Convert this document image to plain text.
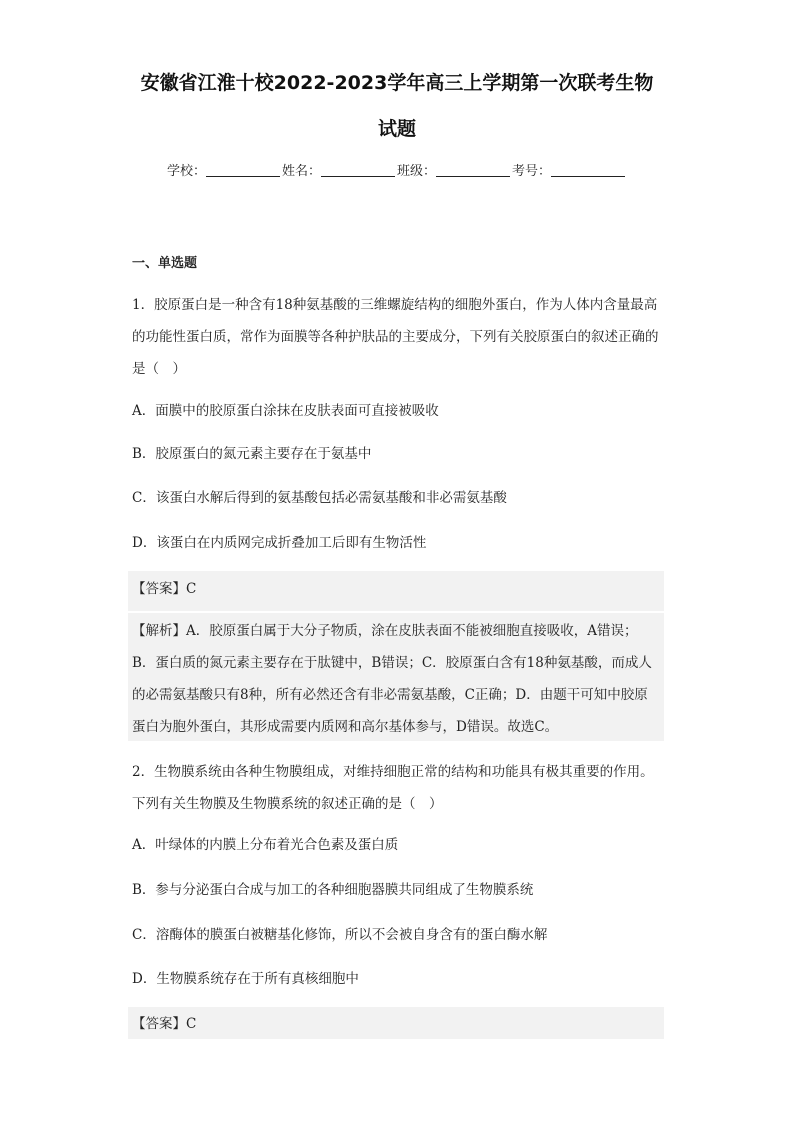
安徽省江淮十校2022-2023学年高三上学期第一次联考生物
试题
学校：	姓名：	班级：	考号：
一、单选题

1．胶原蛋白是一种含有18种氨基酸的三维螺旋结构的细胞外蛋白，作为人体内含量最高的功能性蛋白质，常作为面膜等各种护肤品的主要成分，下列有关胶原蛋白的叙述正确的是（　）

A．面膜中的胶原蛋白涂抹在皮肤表面可直接被吸收

B．胶原蛋白的氮元素主要存在于氨基中

C．该蛋白水解后得到的氨基酸包括必需氨基酸和非必需氨基酸

D．该蛋白在内质网完成折叠加工后即有生物活性

【答案】C

【解析】A．胶原蛋白属于大分子物质，涂在皮肤表面不能被细胞直接吸收，A错误；B．蛋白质的氮元素主要存在于肽键中，B错误；C．胶原蛋白含有18种氨基酸，而成人的必需氨基酸只有8种，所有必然还含有非必需氨基酸，C正确；D．由题干可知中胶原蛋白为胞外蛋白，其形成需要内质网和高尔基体参与，D错误。故选C。

2．生物膜系统由各种生物膜组成，对维持细胞正常的结构和功能具有极其重要的作用。下列有关生物膜及生物膜系统的叙述正确的是（　）

A．叶绿体的内膜上分布着光合色素及蛋白质

B．参与分泌蛋白合成与加工的各种细胞器膜共同组成了生物膜系统

C．溶酶体的膜蛋白被糖基化修饰，所以不会被自身含有的蛋白酶水解

D．生物膜系统存在于所有真核细胞中

【答案】C
